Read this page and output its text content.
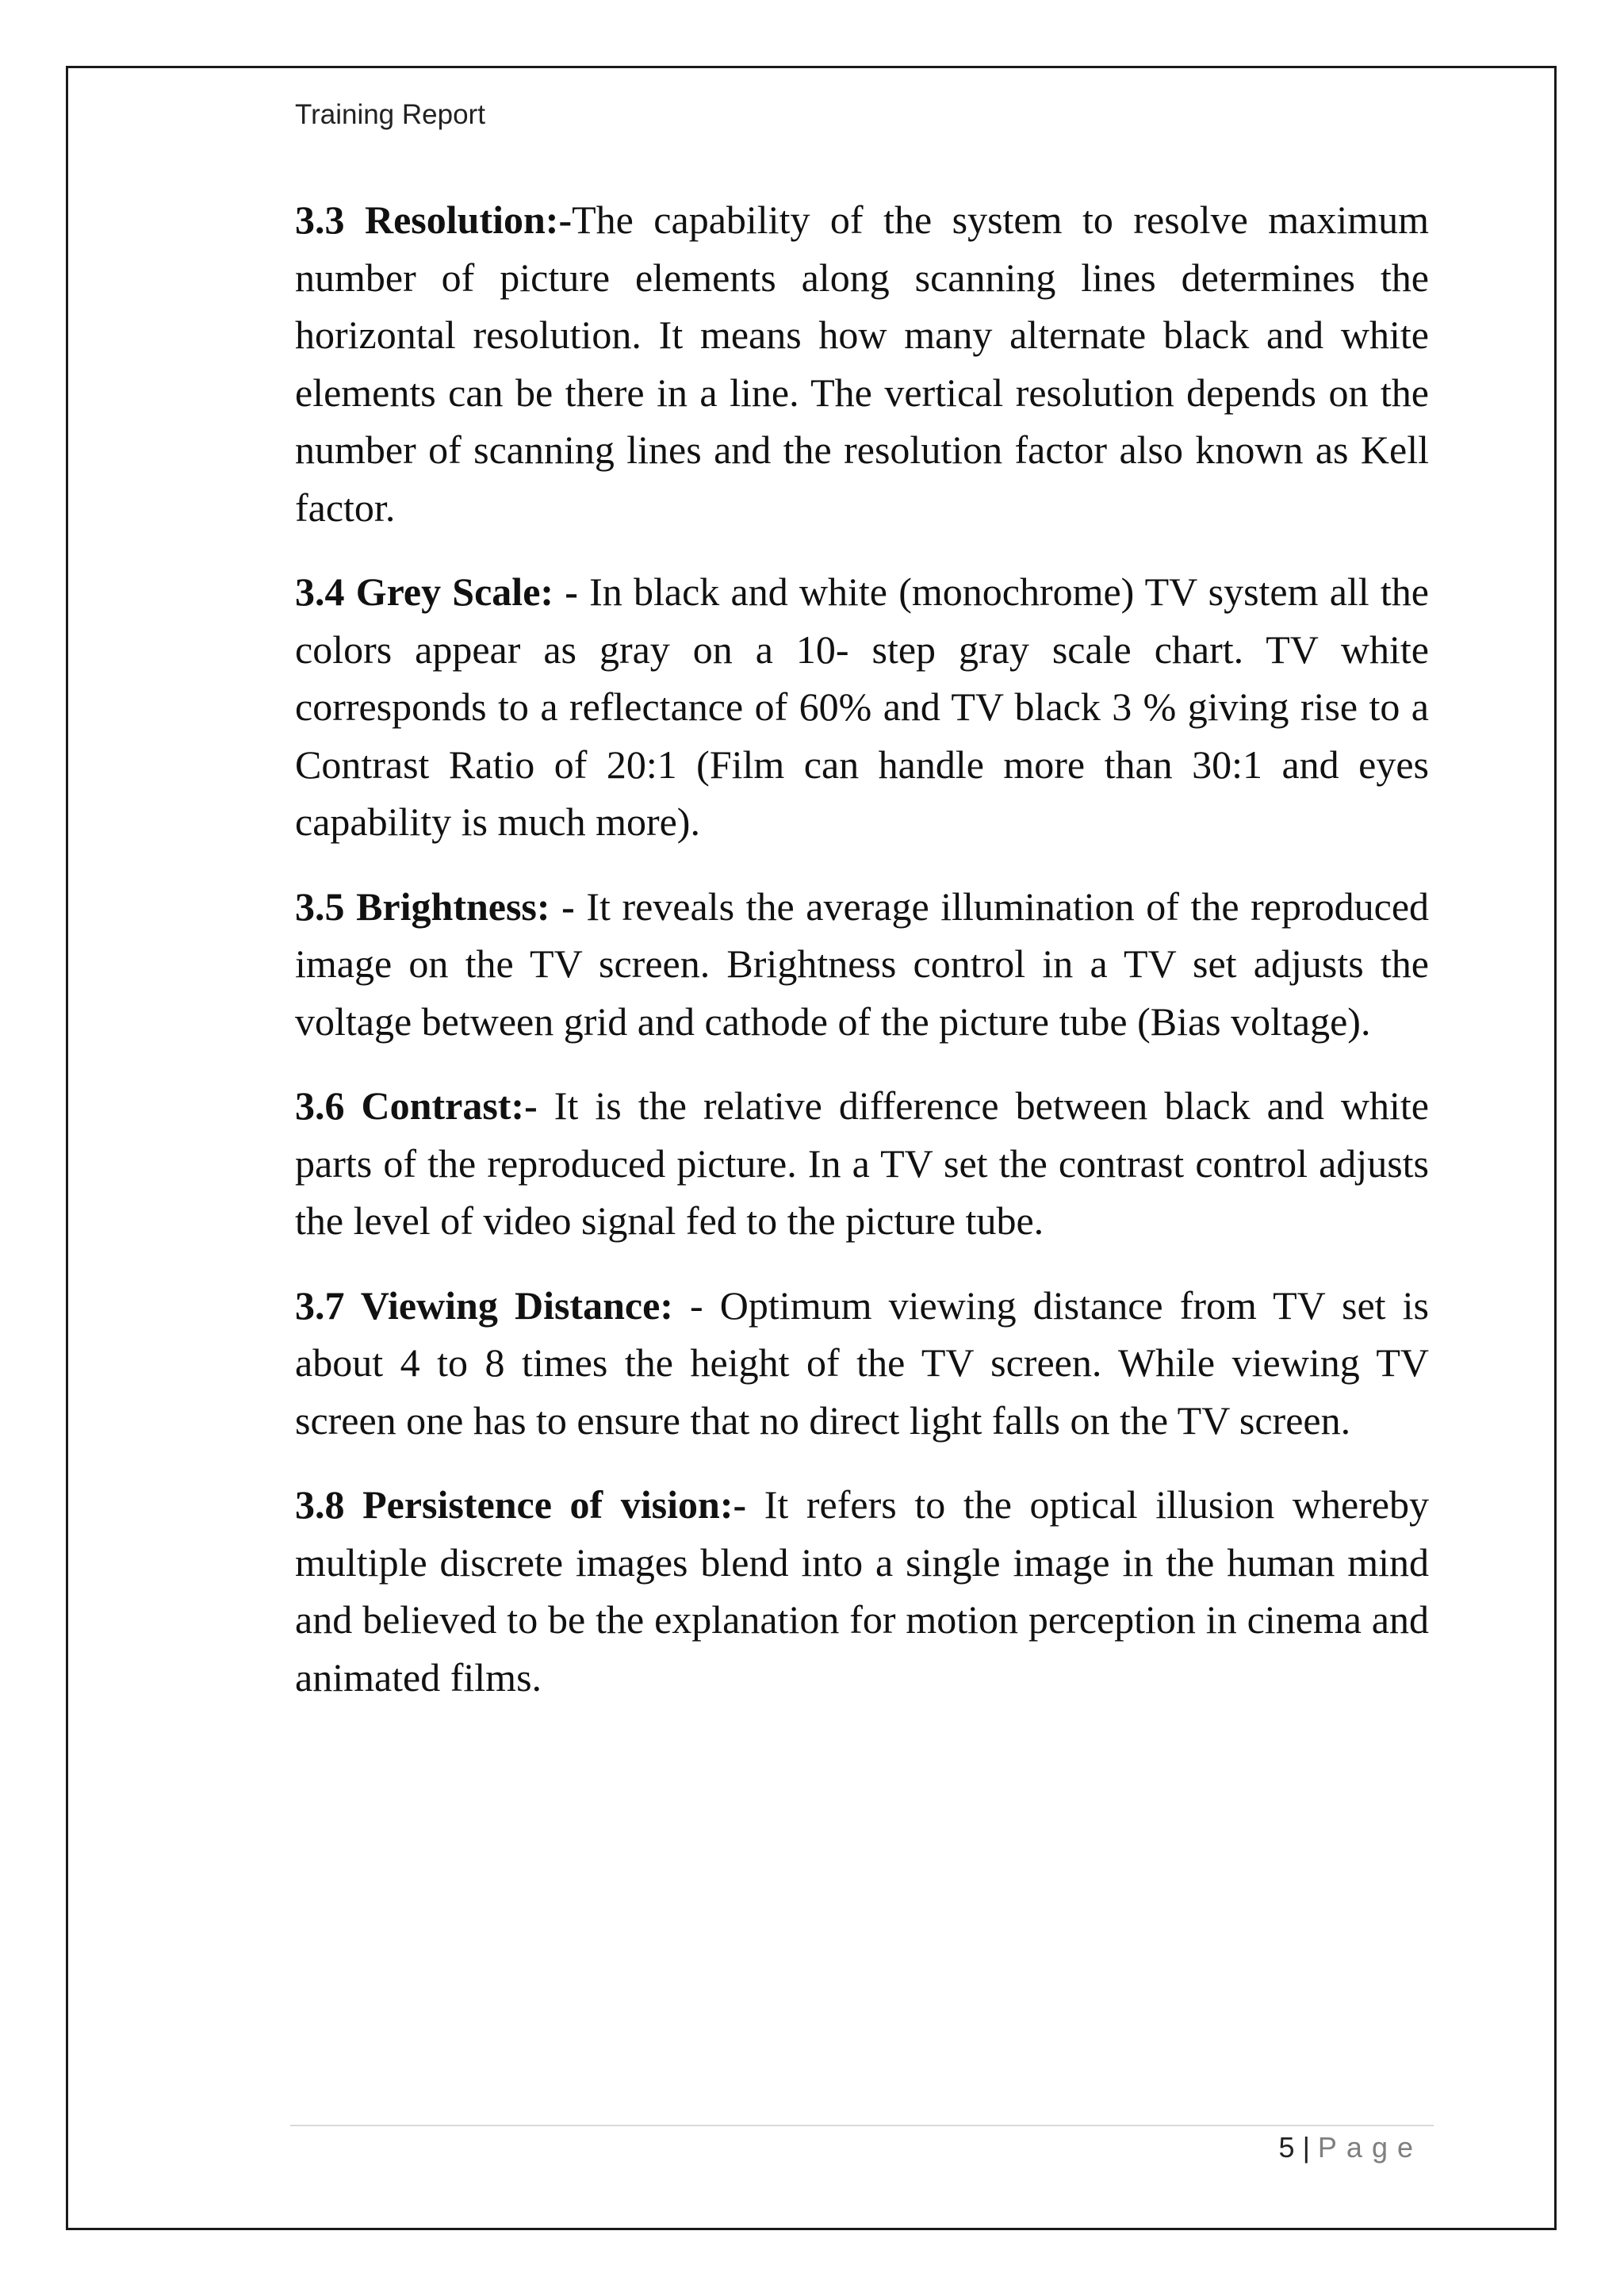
Training Report

3.3 Resolution:-The capability of the system to resolve maximum number of picture elements along scanning lines determines the horizontal resolution. It means how many alternate black and white elements can be there in a line. The vertical resolution depends on the number of scanning lines and the resolution factor also known as Kell factor.

3.4 Grey Scale: - In black and white (monochrome) TV system all the colors appear as gray on a 10- step gray scale chart. TV white corresponds to a reflectance of 60% and TV black 3 % giving rise to a Contrast Ratio of 20:1 (Film can handle more than 30:1 and eyes capability is much more).

3.5 Brightness: - It reveals the average illumination of the reproduced image on the TV screen. Brightness control in a TV set adjusts the voltage between grid and cathode of the picture tube (Bias voltage).

3.6 Contrast:- It is the relative difference between black and white parts of the reproduced picture. In a TV set the contrast control adjusts the level of video signal fed to the picture tube.

3.7 Viewing Distance: - Optimum viewing distance from TV set is about 4 to 8 times the height of the TV screen. While viewing TV screen one has to ensure that no direct light falls on the TV screen.

3.8 Persistence of vision:- It refers to the optical illusion whereby multiple discrete images blend into a single image in the human mind and believed to be the explanation for motion perception in cinema and animated films.

5 | Page
